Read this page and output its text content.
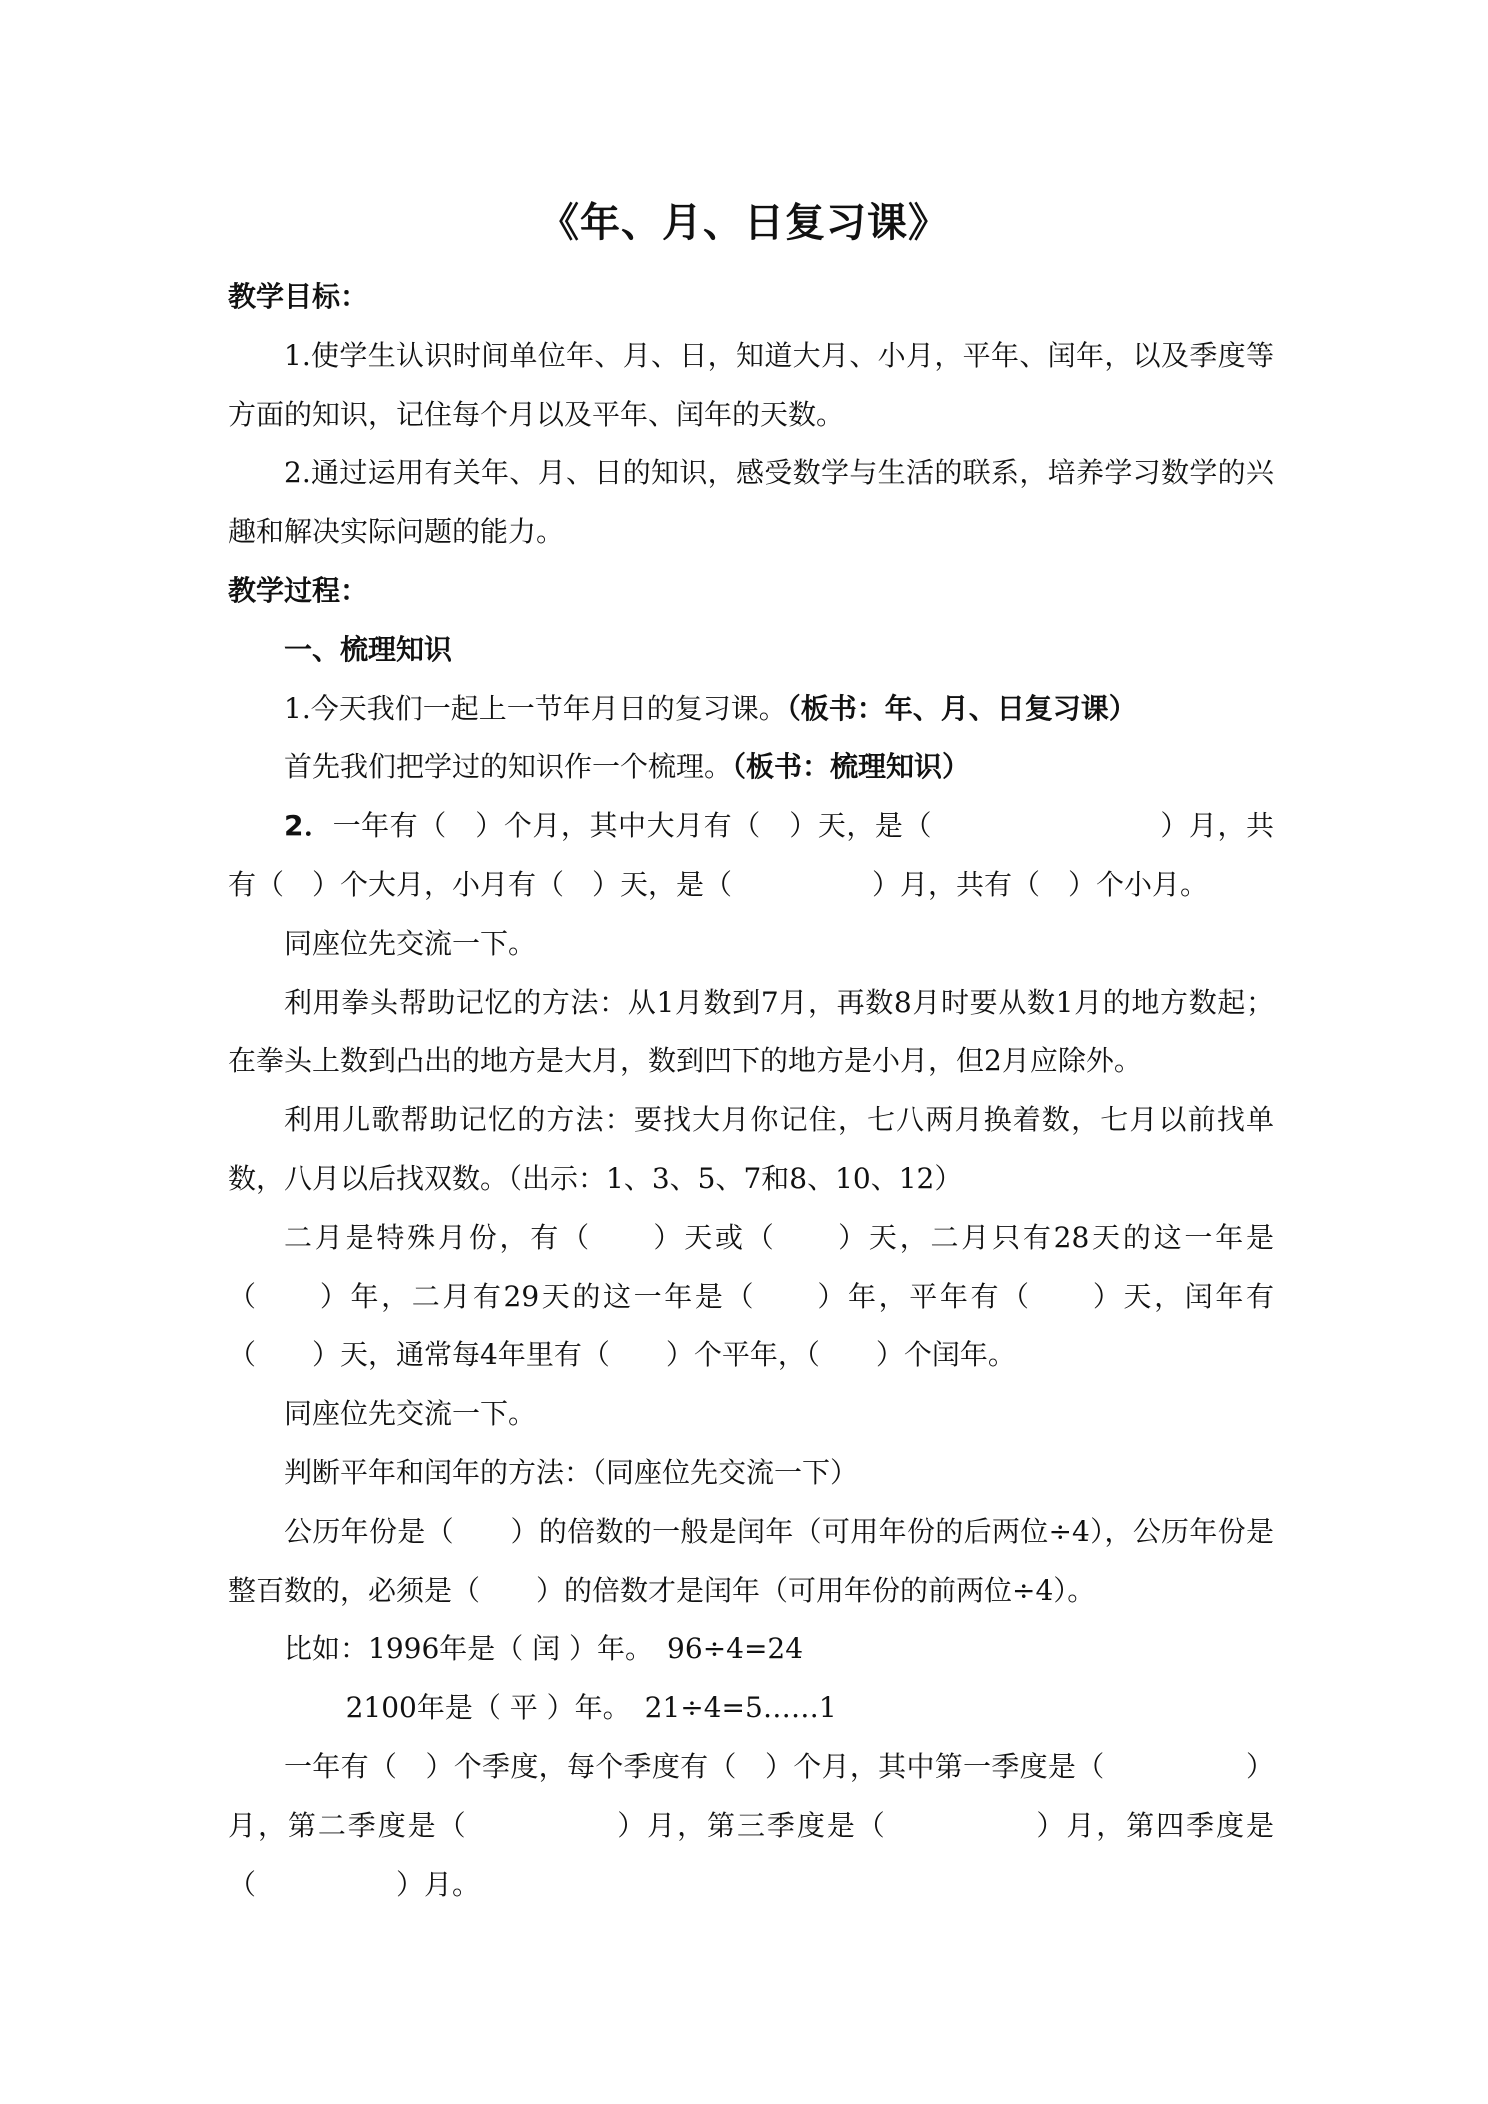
《年、月、日复习课》

教学目标：

1.使学生认识时间单位年、月、日，知道大月、小月，平年、闰年，以及季度等方面的知识，记住每个月以及平年、闰年的天数。

2.通过运用有关年、月、日的知识，感受数学与生活的联系，培养学习数学的兴趣和解决实际问题的能力。

教学过程：

一、梳理知识

1.今天我们一起上一节年月日的复习课。（板书：年、月、日复习课）

首先我们把学过的知识作一个梳理。（板书：梳理知识）

2．一年有（　）个月，其中大月有（　）天，是（　　　　　　　　）月，共有（　）个大月，小月有（　）天，是（　　　　　）月，共有（　）个小月。

同座位先交流一下。

利用拳头帮助记忆的方法：从1月数到7月，再数8月时要从数1月的地方数起；在拳头上数到凸出的地方是大月，数到凹下的地方是小月，但2月应除外。

利用儿歌帮助记忆的方法：要找大月你记住，七八两月换着数，七月以前找单数，八月以后找双数。（出示：1、3、5、7和8、10、12）

二月是特殊月份，有（　　）天或（　　）天，二月只有28天的这一年是（　　）年，二月有29天的这一年是（　　）年，平年有（　　）天，闰年有（　　）天，通常每4年里有（　　）个平年，（　　）个闰年。

同座位先交流一下。

判断平年和闰年的方法：（同座位先交流一下）

公历年份是（　　）的倍数的一般是闰年（可用年份的后两位÷4），公历年份是整百数的，必须是（　　）的倍数才是闰年（可用年份的前两位÷4）。

比如：1996年是（ 闰 ）年。　96÷4=24

2100年是（ 平 ）年。　21÷4=5……1

一年有（　）个季度，每个季度有（　）个月，其中第一季度是（　　　　　）月，第二季度是（　　　　　）月，第三季度是（　　　　　）月，第四季度是（　　　　　）月。
